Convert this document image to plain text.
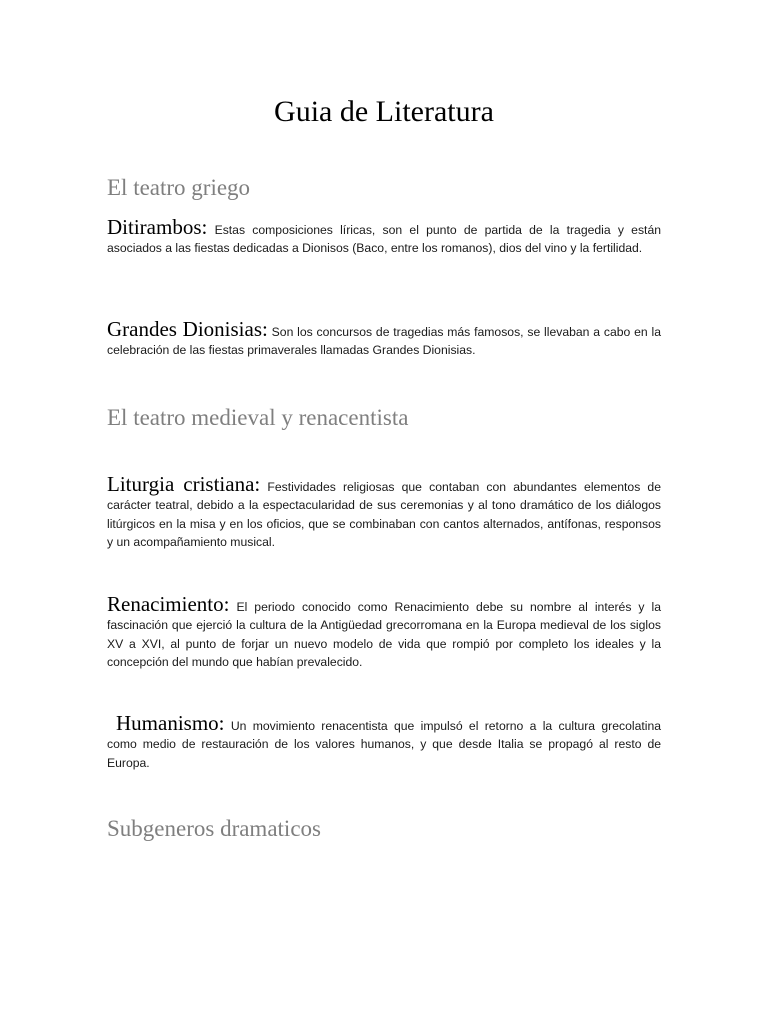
Guia de Literatura
El teatro griego
Ditirambos: Estas composiciones líricas, son el punto de partida de la tragedia y están asociados a las fiestas dedicadas a Dionisos (Baco, entre los romanos), dios del vino y la fertilidad.
Grandes Dionisias: Son los concursos de tragedias más famosos, se llevaban a cabo en la celebración de las fiestas primaverales llamadas Grandes Dionisias.
El teatro medieval y renacentista
Liturgia cristiana: Festividades religiosas que contaban con abundantes elementos de carácter teatral, debido a la espectacularidad de sus ceremonias y al tono dramático de los diálogos litúrgicos en la misa y en los oficios, que se combinaban con cantos alternados, antífonas, responsos y un acompañamiento musical.
Renacimiento: El periodo conocido como Renacimiento debe su nombre al interés y la fascinación que ejerció la cultura de la Antigüedad grecorromana en la Europa medieval de los siglos XV a XVI, al punto de forjar un nuevo modelo de vida que rompió por completo los ideales y la concepción del mundo que habían prevalecido.
Humanismo: Un movimiento renacentista que impulsó el retorno a la cultura grecolatina como medio de restauración de los valores humanos, y que desde Italia se propagó al resto de Europa.
Subgeneros dramaticos
